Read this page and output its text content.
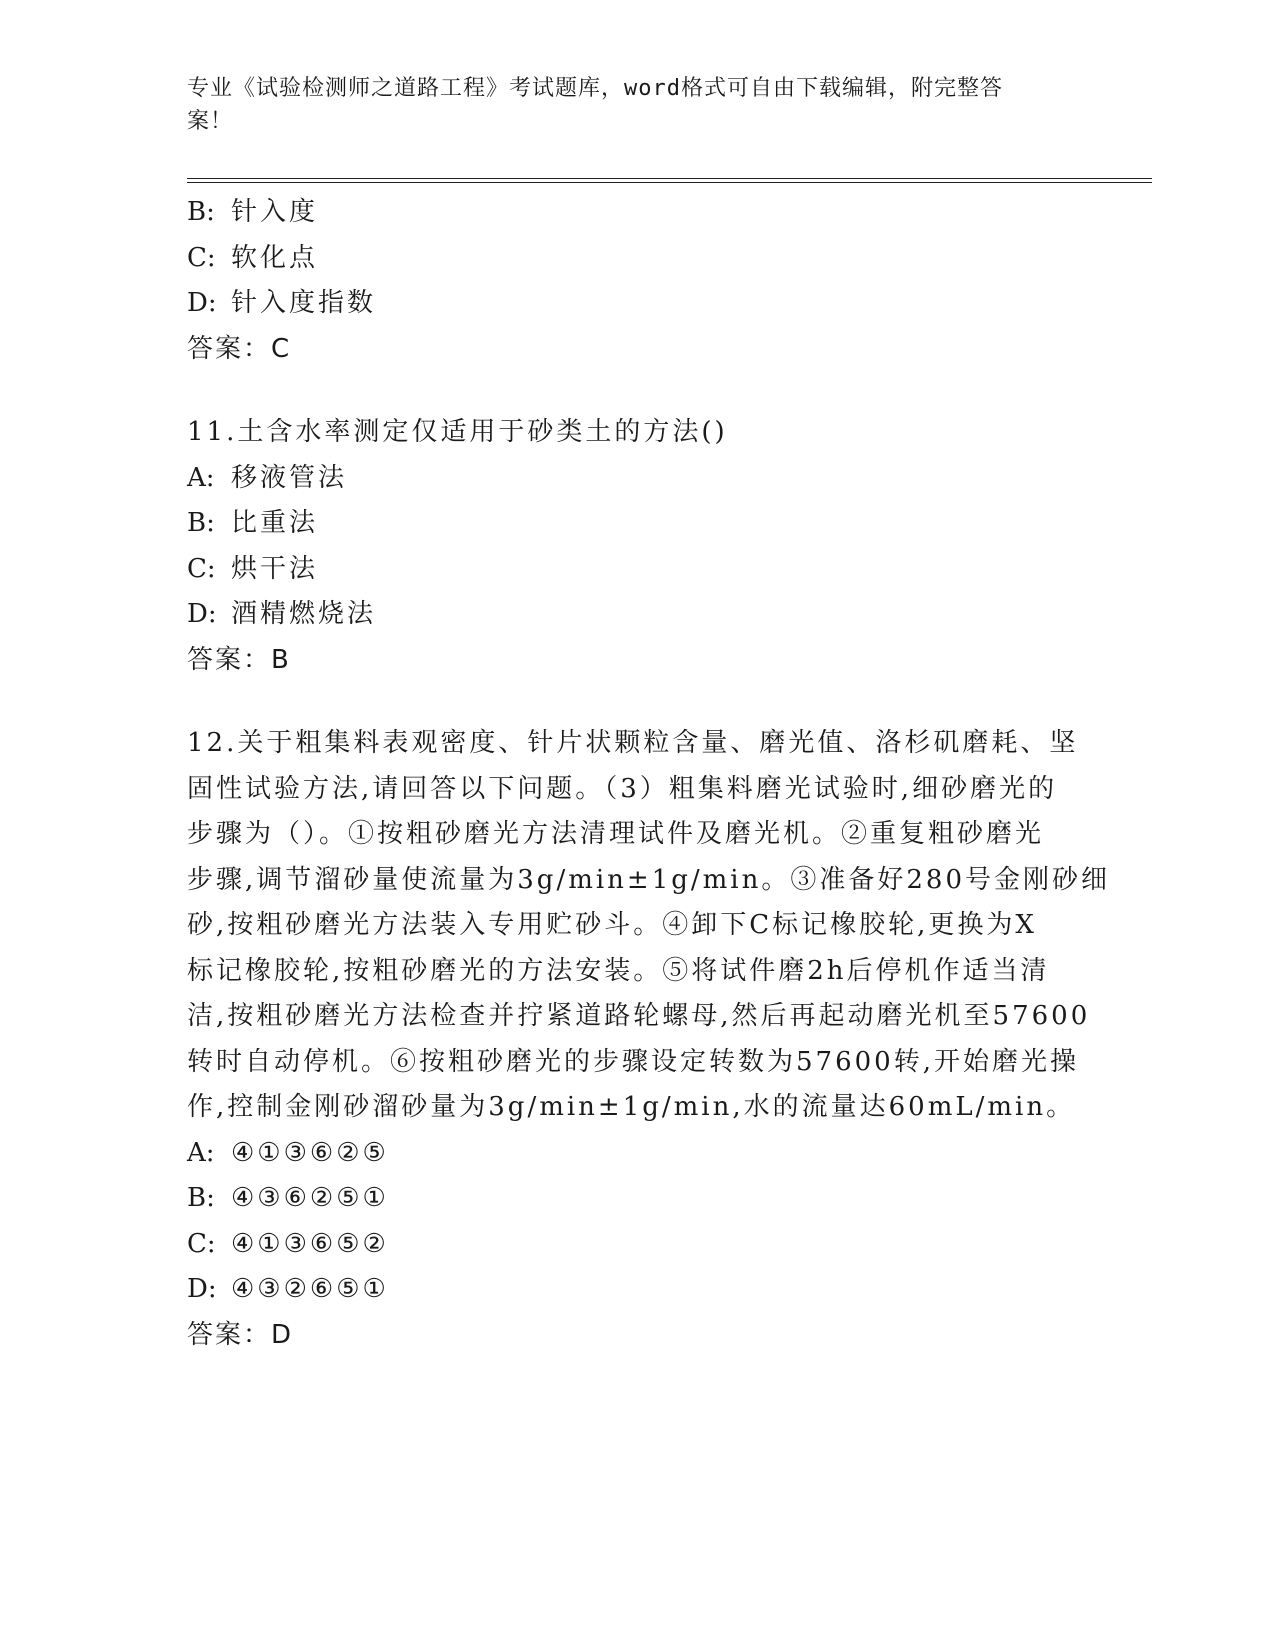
专业《试验检测师之道路工程》考试题库，word格式可自由下载编辑，附完整答
案！
B: 针入度
C: 软化点
D: 针入度指数
答案：C
11.土含水率测定仅适用于砂类土的方法()
A: 移液管法
B: 比重法
C: 烘干法
D: 酒精燃烧法
答案：B
12.关于粗集料表观密度、针片状颗粒含量、磨光值、洛杉矶磨耗、坚
固性试验方法,请回答以下问题。（3）粗集料磨光试验时,细砂磨光的
步骤为（）。①按粗砂磨光方法清理试件及磨光机。②重复粗砂磨光
步骤,调节溜砂量使流量为3g/min±1g/min。③准备好280号金刚砂细
砂,按粗砂磨光方法装入专用贮砂斗。④卸下C标记橡胶轮,更换为X
标记橡胶轮,按粗砂磨光的方法安装。⑤将试件磨2h后停机作适当清
洁,按粗砂磨光方法检查并拧紧道路轮螺母,然后再起动磨光机至57600
转时自动停机。⑥按粗砂磨光的步骤设定转数为57600转,开始磨光操
作,控制金刚砂溜砂量为3g/min±1g/min,水的流量达60mL/min。
A: ④①③⑥②⑤
B: ④③⑥②⑤①
C: ④①③⑥⑤②
D: ④③②⑥⑤①
答案：D
